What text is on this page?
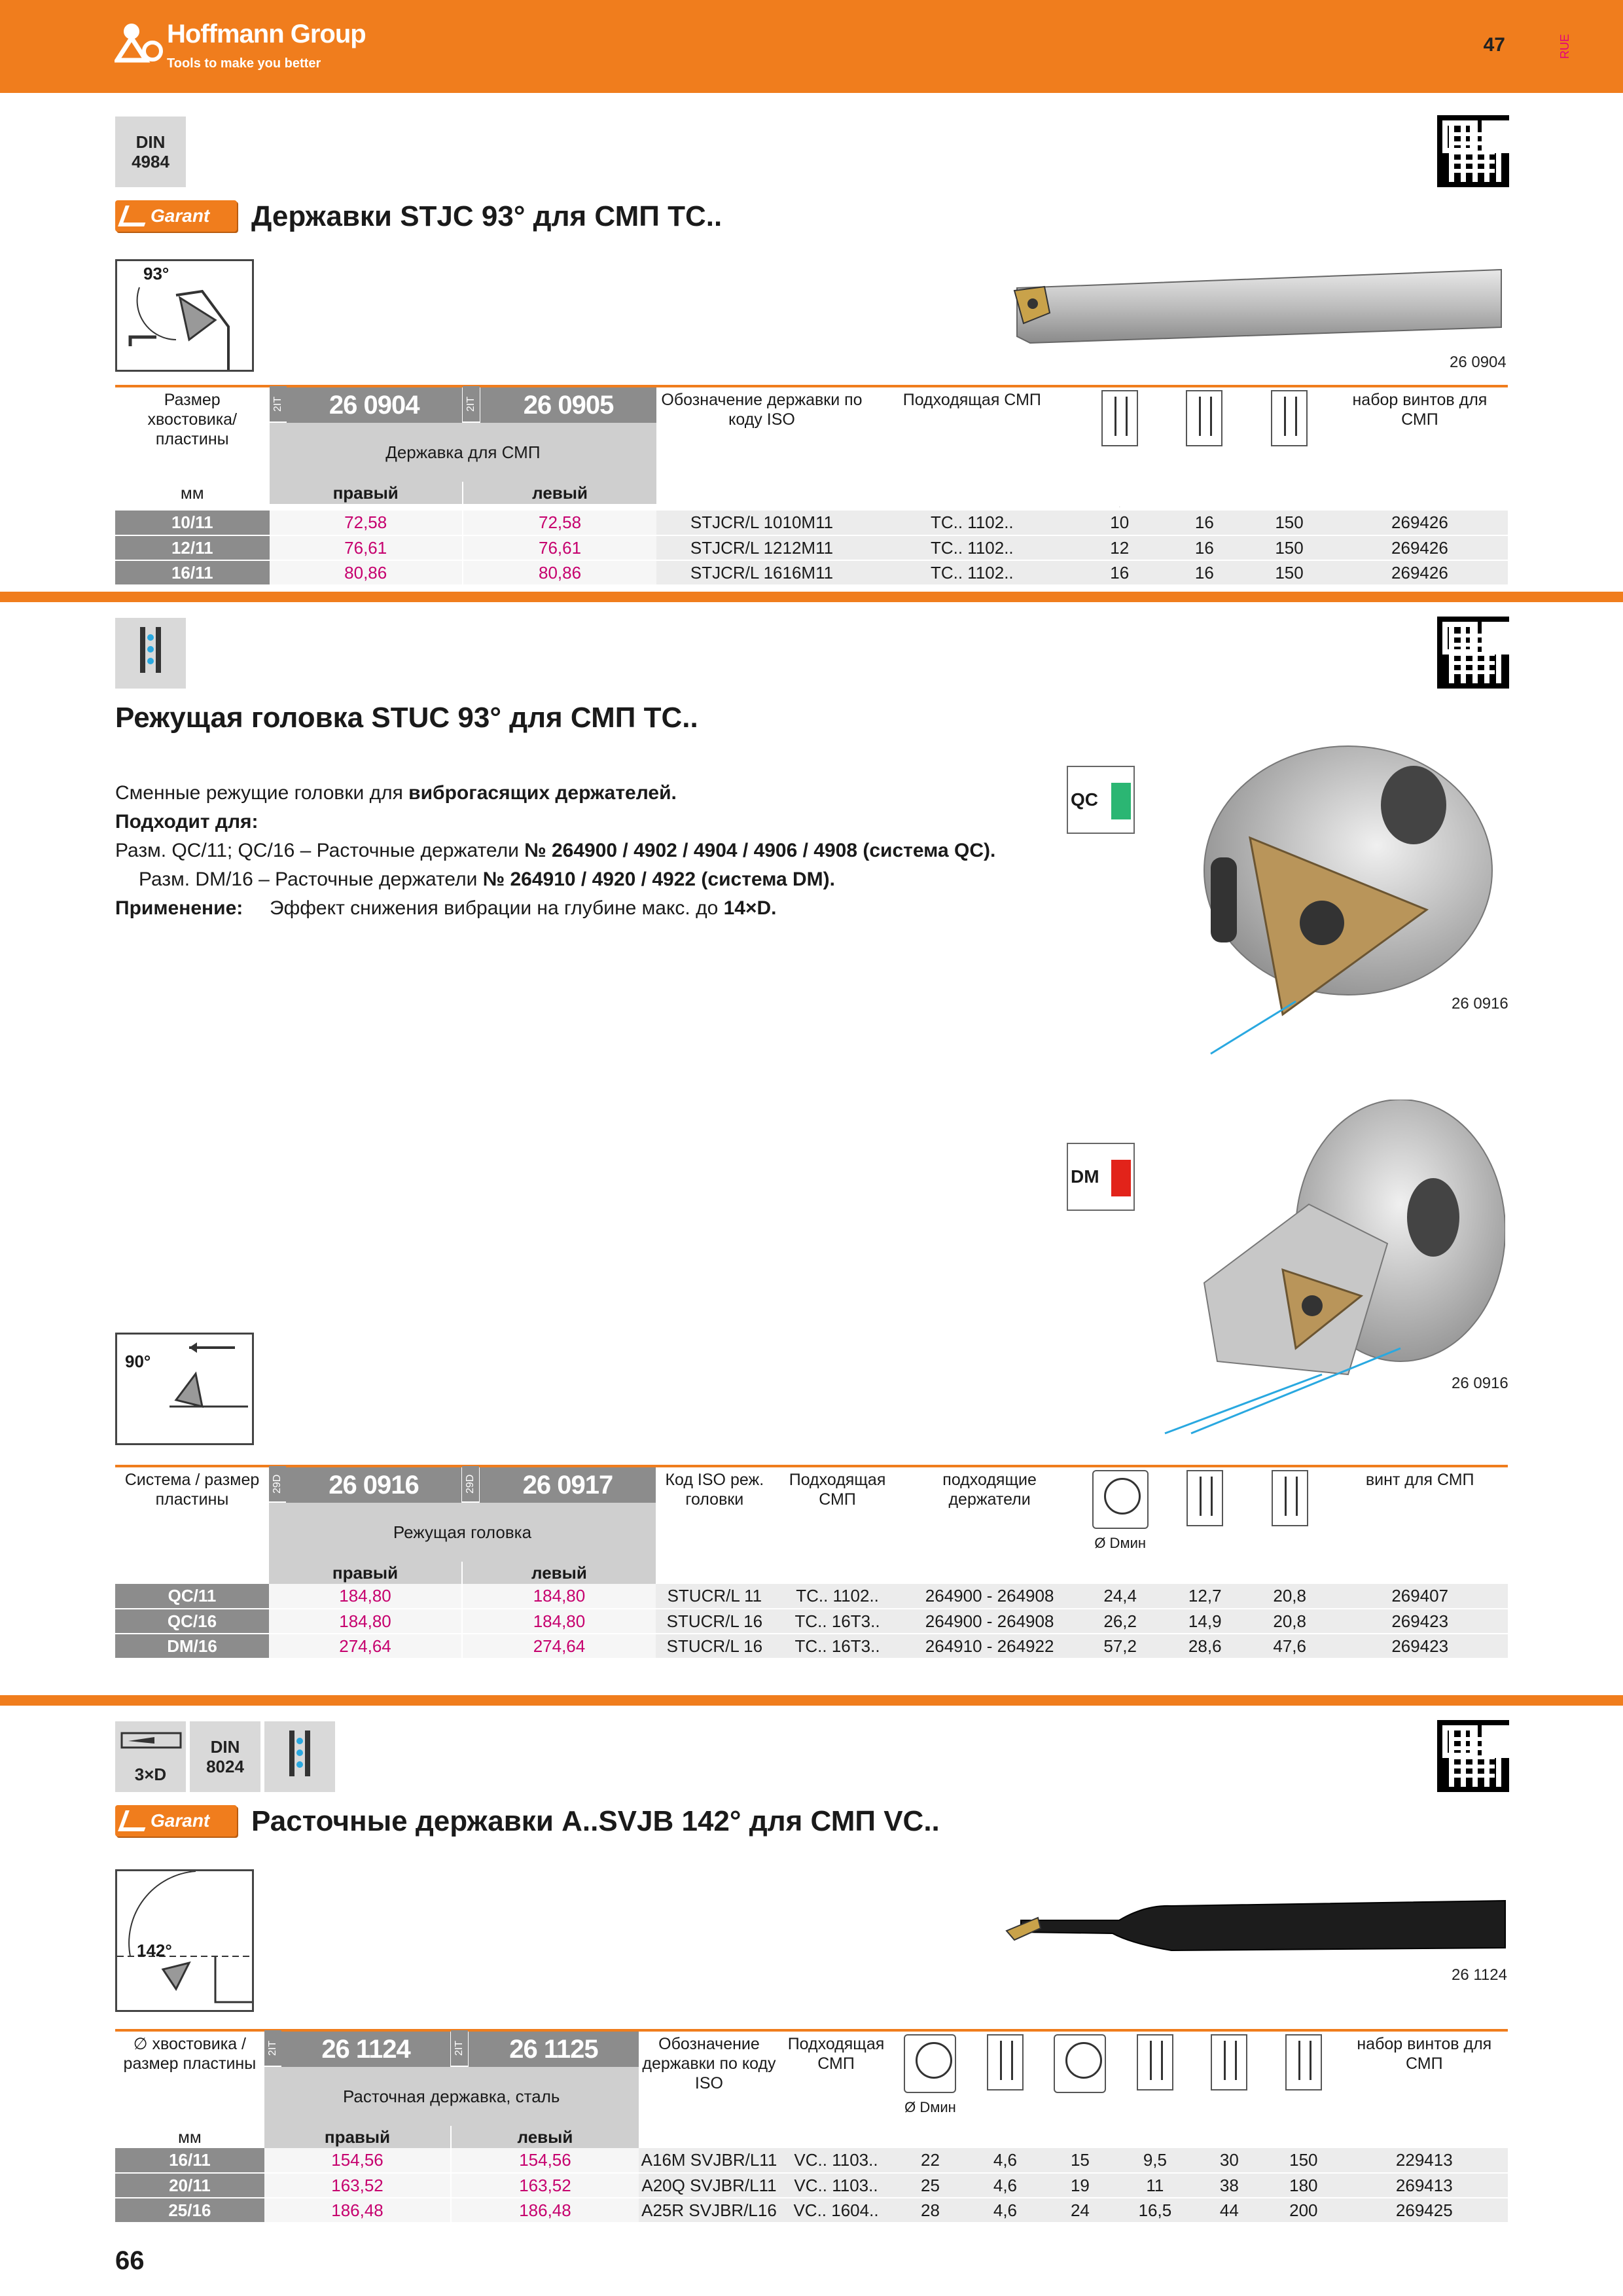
Hoffmann Group
Tools to make you better
47	RUE
DIN
4984
Garant Державки STJC 93° для СМП TC..
93°
26 0904
Размер хвостовика/ пластины	2IT	26 0904	2IT	26 0905	Обозначение державки по коду ISO	Подходящая СМП				набор винтов для СМП
	Державка для СМП									
мм	правый		левый							
							мм			
10/11	72,58		72,58		STJCR/L 1010M11	TC.. 1102..	10	16	150	269426
12/11	76,61		76,61		STJCR/L 1212M11	TC.. 1102..	12	16	150	269426
16/11	80,86		80,86		STJCR/L 1616M11	TC.. 1102..	16	16	150	269426
Режущая головка STUC 93° для СМП TC..
Сменные режущие головки для виброгасящих держателей.
Подходит для:
Разм. QC/11; QC/16 – Расточные держатели № 264900 / 4902 / 4904 / 4906 / 4908 (система QC).
Разм. DM/16 – Расточные держатели № 264910 / 4920 / 4922 (система DM).
Применение: Эффект снижения вибрации на глубине макс. до 14×D.
QC
26 0916
DM
26 0916
90°
Система / размер пластины	29D	26 0916	29D	26 0917	Код ISO реж. головки	Подходящая СМП	подходящие держатели	Ø Dмин			винт для СМП
	Режущая головка										
	правый		левый								
QC/11	184,80		184,80		STUCR/L 11	TC.. 1102..	264900 - 264908	24,4	12,7	20,8	269407
QC/16	184,80		184,80		STUCR/L 16	TC.. 16T3..	264900 - 264908	26,2	14,9	20,8	269423
DM/16	274,64		274,64		STUCR/L 16	TC.. 16T3..	264910 - 264922	57,2	28,6	47,6	269423
3×D
DIN
8024
Garant Расточные державки A..SVJB 142° для СМП VC..
142°
26 1124
∅ хвостовика / размер пластины	2IT	26 1124	2IT	26 1125	Обозначение державки по коду ISO	Подходящая СМП	Ø Dмин						набор винтов для СМП
	Расточная державка, сталь												
мм	правый		левый										
16/11	154,56		154,56		A16M SVJBR/L11	VC.. 1103..	22	4,6	15	9,5	30	150	229413
20/11	163,52		163,52		A20Q SVJBR/L11	VC.. 1103..	25	4,6	19	11	38	180	269413
25/16	186,48		186,48		A25R SVJBR/L16	VC.. 1604..	28	4,6	24	16,5	44	200	269425
66
